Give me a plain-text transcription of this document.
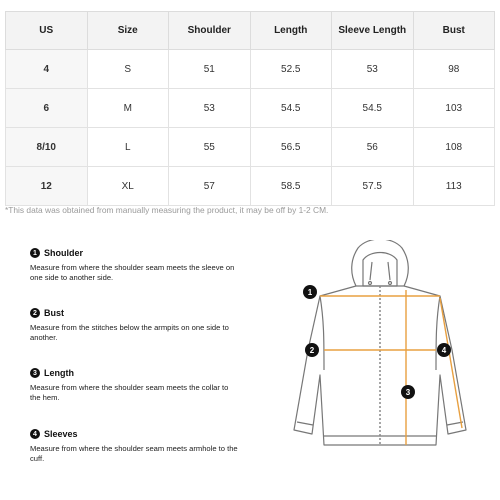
US	Size	Shoulder	Length	Sleeve Length	Bust
4	S	51	52.5	53	98
6	M	53	54.5	54.5	103
8/10	L	55	56.5	56	108
12	XL	57	58.5	57.5	113
*This data was obtained from manually measuring the product, it may be off by 1-2 CM.
1 Shoulder
Measure from where the shoulder seam meets the sleeve on one side to another side.
2 Bust
Measure from the stitches below the armpits on one side to another.
3 Length
Measure from where the shoulder seam meets the collar to the hem.
4 Sleeves
Measure from where the shoulder seam meets armhole to the cuff.
1
2
3
4
